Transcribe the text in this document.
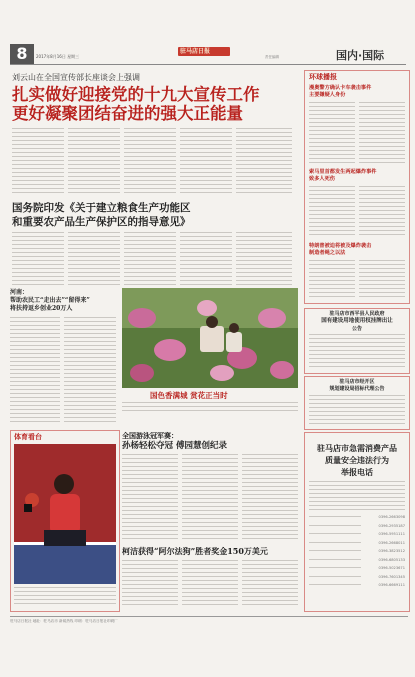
8	2017年8月16日 星期三
驻马店日报
责任编辑	国内·国际
刘云山在全国宣传部长座谈会上强调
扎实做好迎接党的十九大宣传工作
更好凝聚团结奋进的强大正能量
国务院印发《关于建立粮食生产功能区
和重要农产品生产保护区的指导意见》
河南：
帮助农民工“走出去”“留得来”
将扶持返乡创业20万人
国色香满城 赏花正当时
体育看台	全国游泳冠军赛：
孙杨轻松夺冠 傅园慧创纪录
柯洁获得“阿尔法狗”胜者奖金150万美元
环球播报
漫奥警方确认卡车袭击事件
主要嫌疑人身份
索马里首都发生两起爆炸事件
致多人死伤
特朗普被迫将被及爆炸袭击
制造者绳之以法
驻马店市西平县人民政府
国有建设用地使用权挂牌出让
公告
驻马店市经开区
规划建设局招标代理公告
驻马店市急需消费产品
质量安全违法行为
举报电话
0396-2663098
0396-2935187
0396-5951111
0396-2668011
0396-3823512
0396-6805133
0396-5023671
0396-7601345
0396-6669111
驻马店日报社 地址：驻马店市 新闻热线 印刷：驻马店日报社印刷厂
